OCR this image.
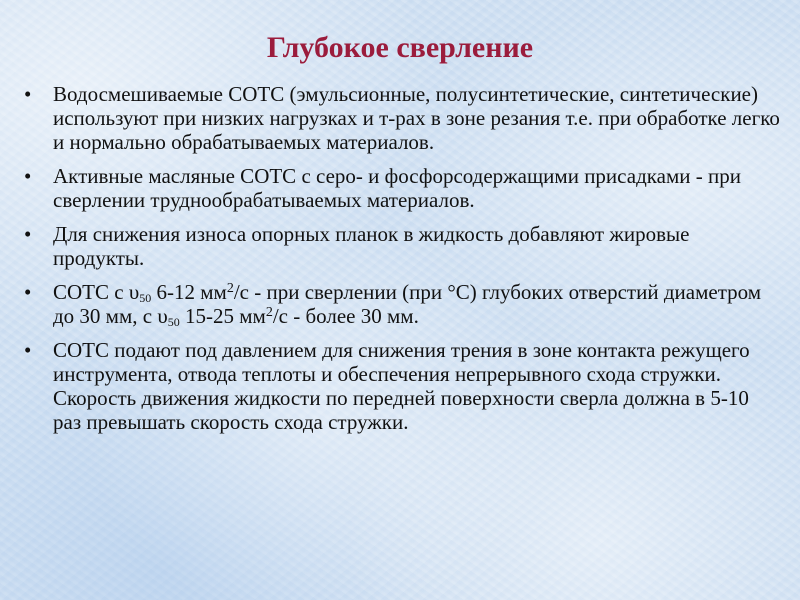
Глубокое сверление
•	Водосмешиваемые СОТС (эмульсионные, полусинтетические, синтетические) используют при низких нагрузках и т-рах в зоне резания т.е. при обработке легко и нормально обрабатываемых материалов.
•	Активные масляные СОТС с серо- и фосфорсодержащими присадками - при сверлении труднообрабатываемых материалов.
•	Для снижения износа опорных планок в жидкость добавляют жировые продукты.
•	СОТС с $\upsilon_{50}$ 6-12 $мм^2/с$ - при сверлении (при °С) глубоких отверстий диаметром до 30 мм, с $\upsilon_{50}$ 15-25 $мм^2/с$ - более 30 мм.
•	СОТС подают под давлением для снижения трения в зоне контакта режущего инструмента, отвода теплоты и обеспечения непрерывного схода стружки. Скорость движения жидкости по передней поверхности сверла должна в 5-10 раз превышать скорость схода стружки.
